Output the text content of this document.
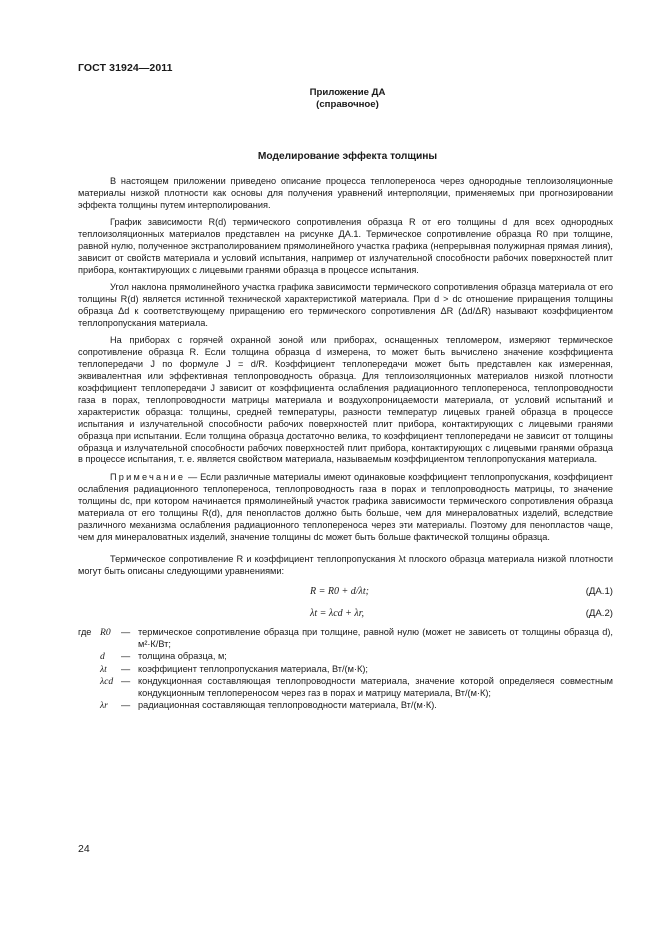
ГОСТ 31924—2011
Приложение ДА
(справочное)
Моделирование эффекта толщины

В настоящем приложении приведено описание процесса теплопереноса через однородные теплоизоляционные материалы низкой плотности как основы для получения уравнений интерполяции, применяемых при прогнозировании эффекта толщины путем интерполирования.

График зависимости R(d) термического сопротивления образца R от его толщины d для всех однородных теплоизоляционных материалов представлен на рисунке ДА.1. Термическое сопротивление образца R0 при толщине, равной нулю, полученное экстраполированием прямолинейного участка графика (непрерывная полужирная прямая линия), зависит от свойств материала и условий испытания, например от излучательной способности рабочих поверхностей плит прибора, контактирующих с лицевыми гранями образца в процессе испытания.

Угол наклона прямолинейного участка графика зависимости термического сопротивления образца материала от его толщины R(d) является истинной технической характеристикой материала. При d > dc отношение приращения толщины образца Δd к соответствующему приращению его термического сопротивления ΔR (Δd/ΔR) называют коэффициентом теплопропускания материала.

На приборах с горячей охранной зоной или приборах, оснащенных тепломером, измеряют термическое сопротивление образца R. Если толщина образца d измерена, то может быть вычислено значение коэффициента теплопередачи J по формуле J = d/R. Коэффициент теплопередачи может быть представлен как измеренная, эквивалентная или эффективная теплопроводность образца. Для теплоизоляционных материалов низкой плотности коэффициент теплопередачи J зависит от коэффициента ослабления радиационного теплопереноса, теплопроводности газа в порах, теплопроводности матрицы материала и воздухопроницаемости материала, от условий испытаний и характеристик образца: толщины, средней температуры, разности температур лицевых граней образца в процессе испытания и излучательной способности рабочих поверхностей плит прибора, контактирующих с лицевыми гранями образца при испытании. Если толщина образца достаточно велика, то коэффициент теплопередачи не зависит от толщины образца и излучательной способности рабочих поверхностей плит прибора, контактирующих с лицевыми гранями образца в процессе испытания, т. е. является свойством материала, называемым коэффициентом теплопропускания материала.

Примечание — Если различные материалы имеют одинаковые коэффициент теплопропускания, коэффициент ослабления радиационного теплопереноса, теплопроводность газа в порах и теплопроводность матрицы, то значение толщины dc, при котором начинается прямолинейный участок графика зависимости термического сопротивления образца материала от его толщины R(d), для пенопластов должно быть больше, чем для минераловатных изделий, вследствие различного механизма ослабления радиационного теплопереноса через эти материалы. Поэтому для пенопластов чаще, чем для минераловатных изделий, значение толщины dc может быть больше фактической толщины образца.

Термическое сопротивление R и коэффициент теплопропускания λt плоского образца материала низкой плотности могут быть описаны следующими уравнениями:

R = R0 + d/λt;	(ДА.1)
λt = λcd + λr,	(ДА.2)
где R0	— термическое сопротивление образца при толщине, равной нулю (может не зависеть от толщины образца d), м²·К/Вт;
d	— толщина образца, м;
λt	— коэффициент теплопропускания материала, Вт/(м·К);
λcd — кондукционная составляющая теплопроводности материала, значение которой определяеся совместным кондукционным теплопереносом через газ в порах и матрицу материала, Вт/(м·К);
λr	— радиационная составляющая теплопроводности материала, Вт/(м·К).
24
